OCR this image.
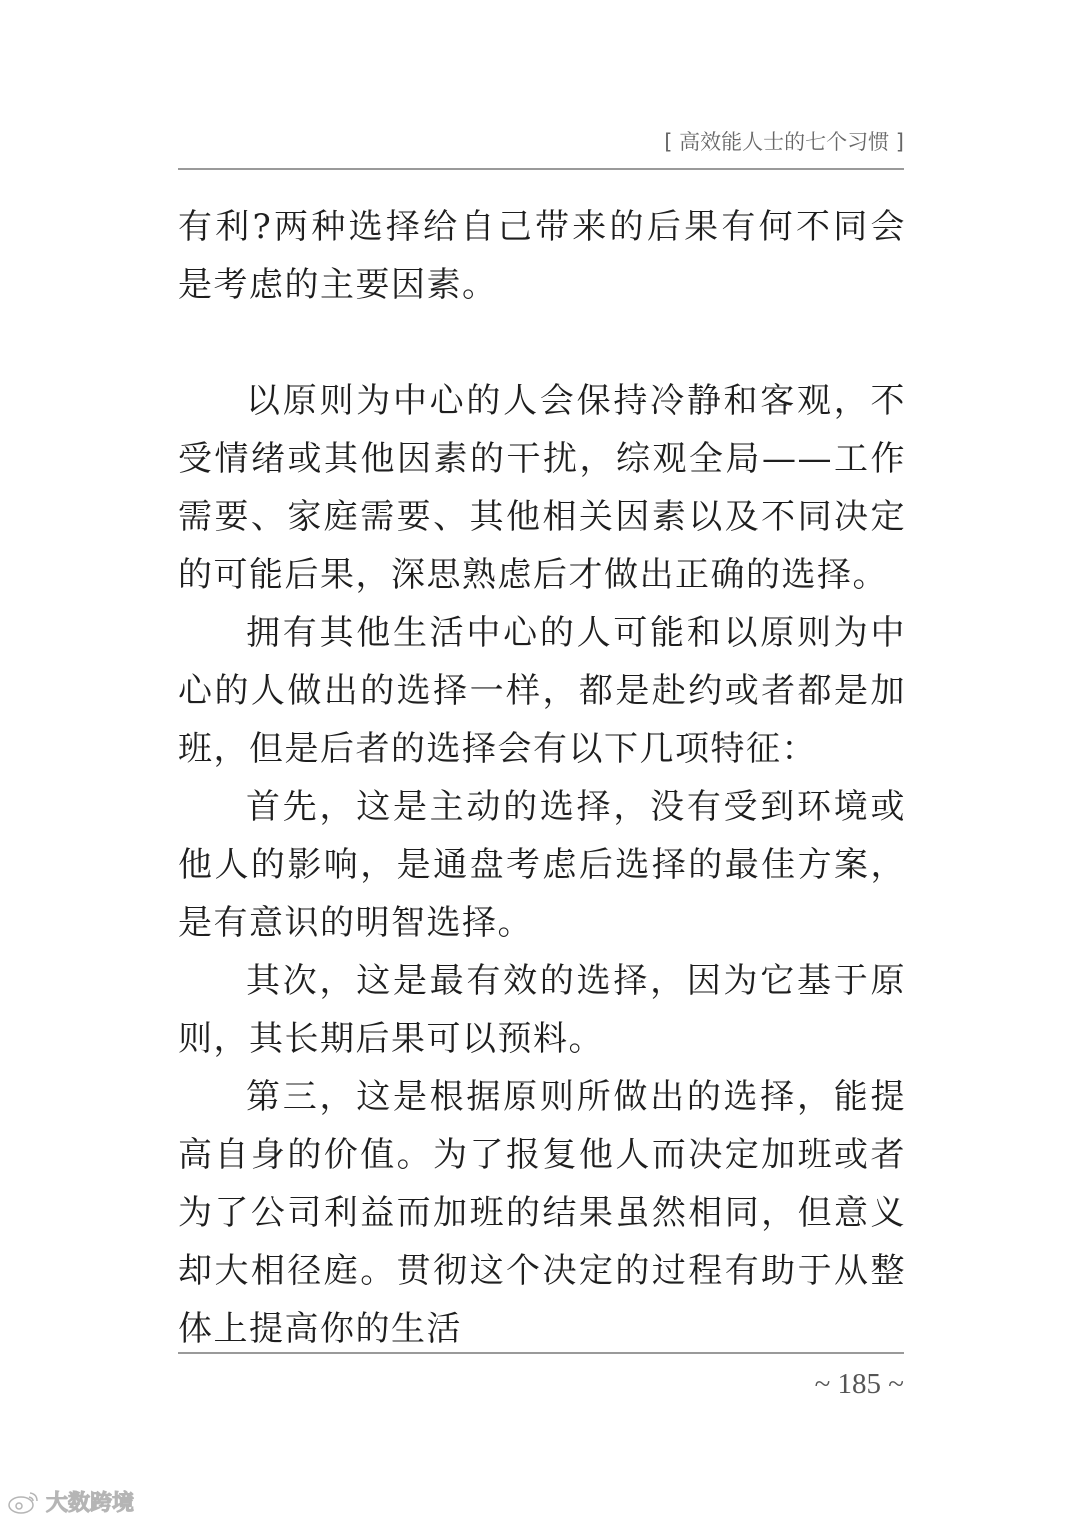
[ 高效能人士的七个习惯 ]

有利?两种选择给自己带来的后果有何不同会是考虑的主要因素。

以原则为中心的人会保持冷静和客观，不受情绪或其他因素的干扰，综观全局——工作需要、家庭需要、其他相关因素以及不同决定的可能后果，深思熟虑后才做出正确的选择。

拥有其他生活中心的人可能和以原则为中心的人做出的选择一样，都是赴约或者都是加班，但是后者的选择会有以下几项特征：

首先，这是主动的选择，没有受到环境或他人的影响，是通盘考虑后选择的最佳方案，是有意识的明智选择。

其次，这是最有效的选择，因为它基于原则，其长期后果可以预料。

第三，这是根据原则所做出的选择，能提高自身的价值。为了报复他人而决定加班或者为了公司利益而加班的结果虽然相同，但意义却大相径庭。贯彻这个决定的过程有助于从整体上提高你的生活

~ 185 ~
大数跨境
